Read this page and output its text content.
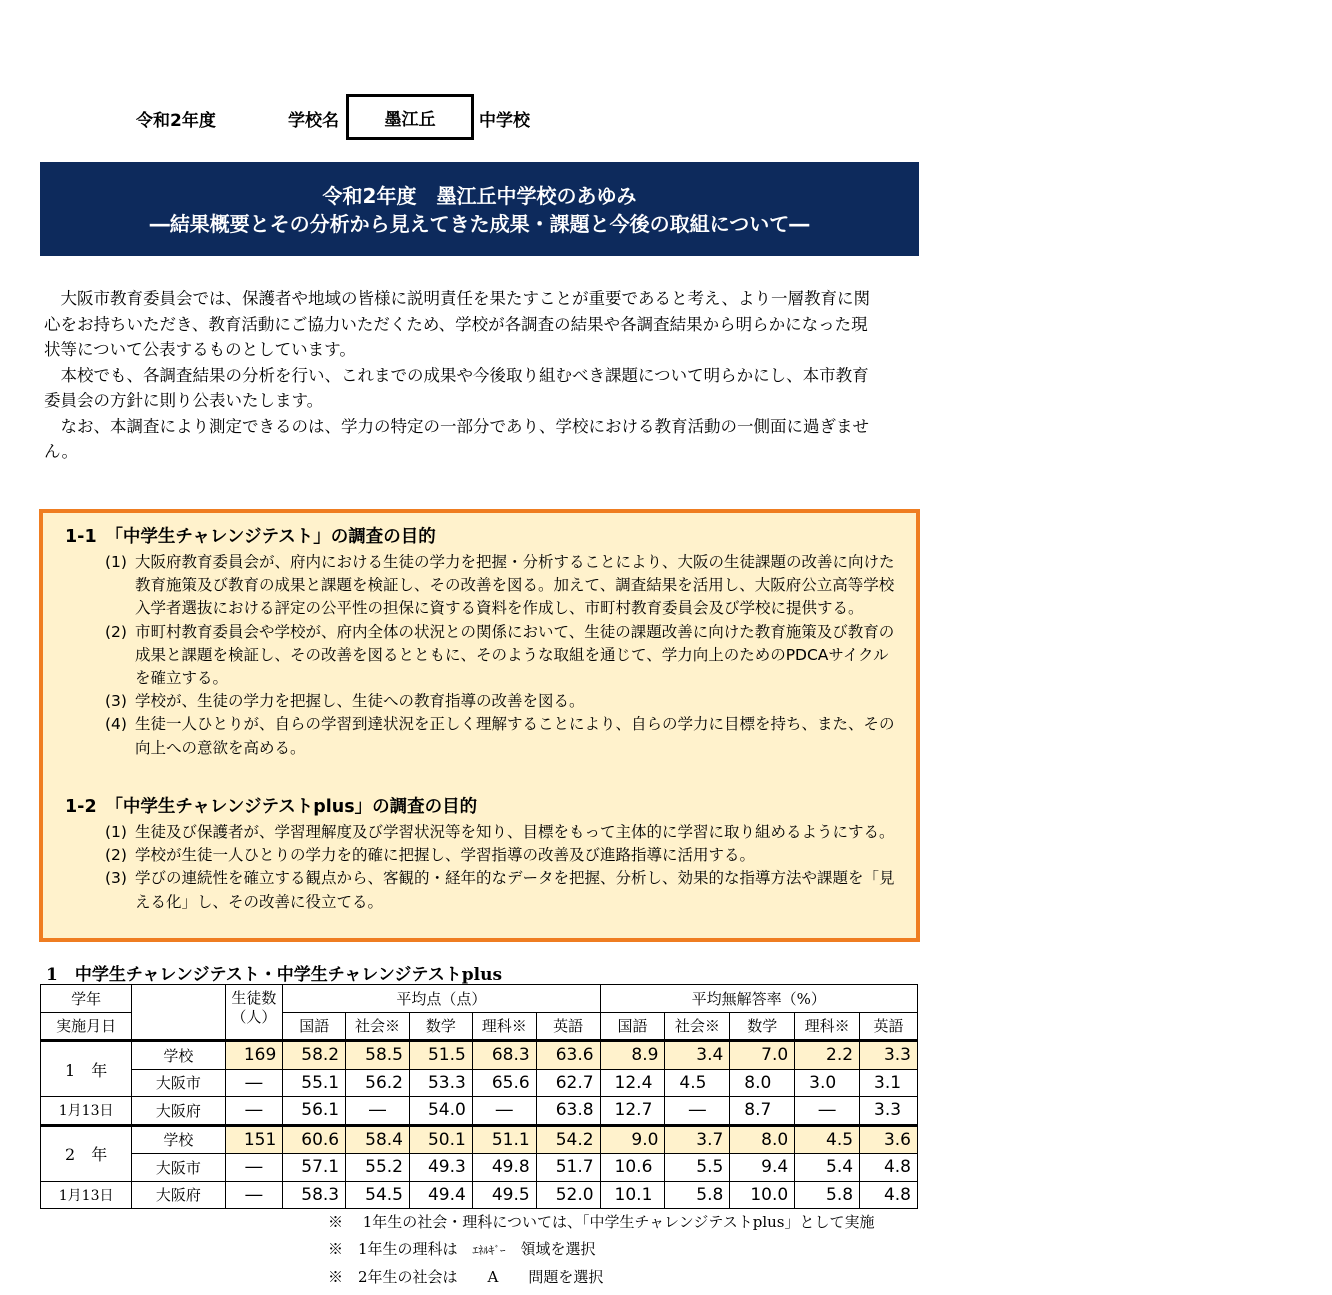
令和2年度	学校名	墨江丘	中学校
令和2年度　墨江丘中学校のあゆみ
―結果概要とその分析から見えてきた成果・課題と今後の取組について―

大阪市教育委員会では、保護者や地域の皆様に説明責任を果たすことが重要であると考え、より一層教育に関心をお持ちいただき、教育活動にご協力いただくため、学校が各調査の結果や各調査結果から明らかになった現状等について公表するものとしています。

本校でも、各調査結果の分析を行い、これまでの成果や今後取り組むべき課題について明らかにし、本市教育委員会の方針に則り公表いたします。

なお、本調査により測定できるのは、学力の特定の一部分であり、学校における教育活動の一側面に過ぎません。

1-1　「中学生チャレンジテスト」の調査の目的
(1) 大阪府教育委員会が、府内における生徒の学力を把握・分析することにより、大阪の生徒課題の改善に向けた教育施策及び教育の成果と課題を検証し、その改善を図る。加えて、調査結果を活用し、大阪府公立高等学校入学者選抜における評定の公平性の担保に資する資料を作成し、市町村教育委員会及び学校に提供する。
(2) 市町村教育委員会や学校が、府内全体の状況との関係において、生徒の課題改善に向けた教育施策及び教育の成果と課題を検証し、その改善を図るとともに、そのような取組を通じて、学力向上のためのPDCAサイクルを確立する。
(3) 学校が、生徒の学力を把握し、生徒への教育指導の改善を図る。
(4) 生徒一人ひとりが、自らの学習到達状況を正しく理解することにより、自らの学力に目標を持ち、また、その向上への意欲を高める。
1-2　「中学生チャレンジテストplus」の調査の目的
(1) 生徒及び保護者が、学習理解度及び学習状況等を知り、目標をもって主体的に学習に取り組めるようにする。
(2) 学校が生徒一人ひとりの学力を的確に把握し、学習指導の改善及び進路指導に活用する。
(3) 学びの連続性を確立する観点から、客観的・経年的なデータを把握、分析し、効果的な指導方法や課題を「見える化」し、その改善に役立てる。
1　中学生チャレンジテスト・中学生チャレンジテストplus
学年		生徒数（人）	平均点（点）					平均無解答率（%）				
実施月日			国語	社会※	数学	理科※	英語	国語	社会※	数学	理科※	英語
1　年	学校	169	58.2	58.5	51.5	68.3	63.6	8.9	3.4	7.0	2.2	3.3
	大阪市	―	55.1	56.2	53.3	65.6	62.7	12.4	4.5	8.0	3.0	3.1
1月13日	大阪府	―	56.1	―	54.0	―	63.8	12.7	―	8.7	―	3.3
2　年	学校	151	60.6	58.4	50.1	51.1	54.2	9.0	3.7	8.0	4.5	3.6
	大阪市	―	57.1	55.2	49.3	49.8	51.7	10.6	5.5	9.4	5.4	4.8
1月13日	大阪府	―	58.3	54.5	49.4	49.5	52.0	10.1	5.8	10.0	5.8	4.8
※　 1年生の社会・理科については、「中学生チャレンジテストplus」として実施
※　1年生の理科は　ｴﾈﾙｷﾞｰ　領域を選択
※　2年生の社会は　　A　　問題を選択
